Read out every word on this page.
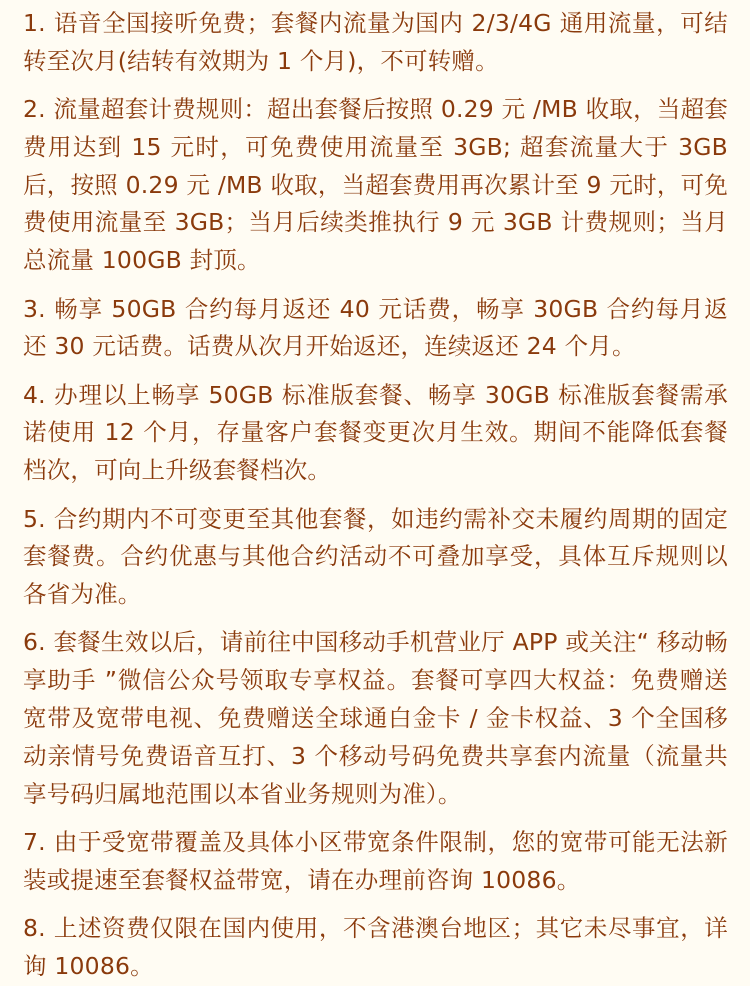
1. 语音全国接听免费；套餐内流量为国内 2/3/4G 通用流量，可结转至次月(结转有效期为 1 个月)，不可转赠。

2. 流量超套计费规则：超出套餐后按照 0.29 元 /MB 收取，当超套费用达到 15 元时，可免费使用流量至 3GB; 超套流量大于 3GB 后，按照 0.29 元 /MB 收取，当超套费用再次累计至 9 元时，可免费使用流量至 3GB；当月后续类推执行 9 元 3GB 计费规则；当月总流量 100GB 封顶。

3. 畅享 50GB 合约每月返还 40 元话费，畅享 30GB 合约每月返还 30 元话费。话费从次月开始返还，连续返还 24 个月。

4. 办理以上畅享 50GB 标准版套餐、畅享 30GB 标准版套餐需承诺使用 12 个月，存量客户套餐变更次月生效。期间不能降低套餐档次，可向上升级套餐档次。

5. 合约期内不可变更至其他套餐，如违约需补交未履约周期的固定套餐费。合约优惠与其他合约活动不可叠加享受，具体互斥规则以各省为准。

6. 套餐生效以后，请前往中国移动手机营业厅 APP 或关注“ 移动畅享助手 ”微信公众号领取专享权益。套餐可享四大权益：免费赠送宽带及宽带电视、免费赠送全球通白金卡 / 金卡权益、3 个全国移动亲情号免费语音互打、3 个移动号码免费共享套内流量（流量共享号码归属地范围以本省业务规则为准）。

7. 由于受宽带覆盖及具体小区带宽条件限制，您的宽带可能无法新装或提速至套餐权益带宽，请在办理前咨询 10086。

8. 上述资费仅限在国内使用，不含港澳台地区；其它未尽事宜，详询 10086。
